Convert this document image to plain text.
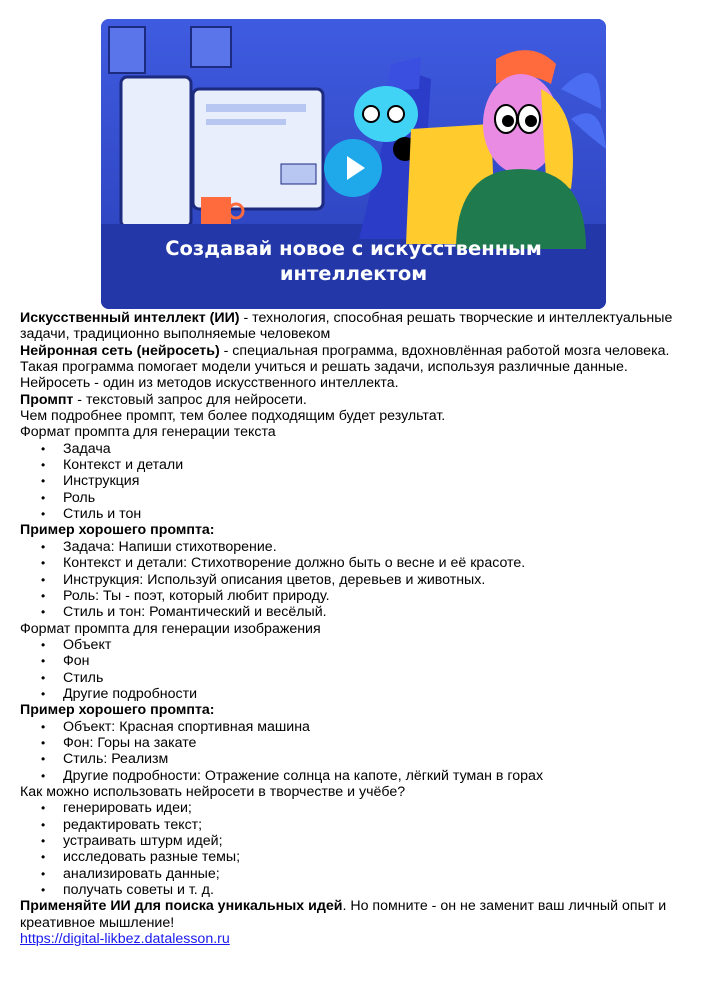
Создавай новое с искусственным
интеллектом

Искусственный интеллект (ИИ) - технология, способная решать творческие и интеллектуальные задачи, традиционно выполняемые человеком

Нейронная сеть (нейросеть) - специальная программа, вдохновлённая работой мозга человека. Такая программа помогает модели учиться и решать задачи, используя различные данные. Нейросеть - один из методов искусственного интеллекта.

Промпт - текстовый запрос для нейросети.

Чем подробнее промпт, тем более подходящим будет результат.

Формат промпта для генерации текста

• Задача
• Контекст и детали
• Инструкция
• Роль
• Стиль и тон

Пример хорошего промпта:

• Задача: Напиши стихотворение.
• Контекст и детали: Стихотворение должно быть о весне и её красоте.
• Инструкция: Используй описания цветов, деревьев и животных.
• Роль: Ты - поэт, который любит природу.
• Стиль и тон: Романтический и весёлый.

Формат промпта для генерации изображения

• Объект
• Фон
• Стиль
• Другие подробности

Пример хорошего промпта:

• Объект: Красная спортивная машина
• Фон: Горы на закате
• Стиль: Реализм
• Другие подробности: Отражение солнца на капоте, лёгкий туман в горах

Как можно использовать нейросети в творчестве и учёбе?

• генерировать идеи;
• редактировать текст;
• устраивать штурм идей;
• исследовать разные темы;
• анализировать данные;
• получать советы и т. д.

Применяйте ИИ для поиска уникальных идей. Но помните - он не заменит ваш личный опыт и креативное мышление!

https://digital-likbez.datalesson.ru
